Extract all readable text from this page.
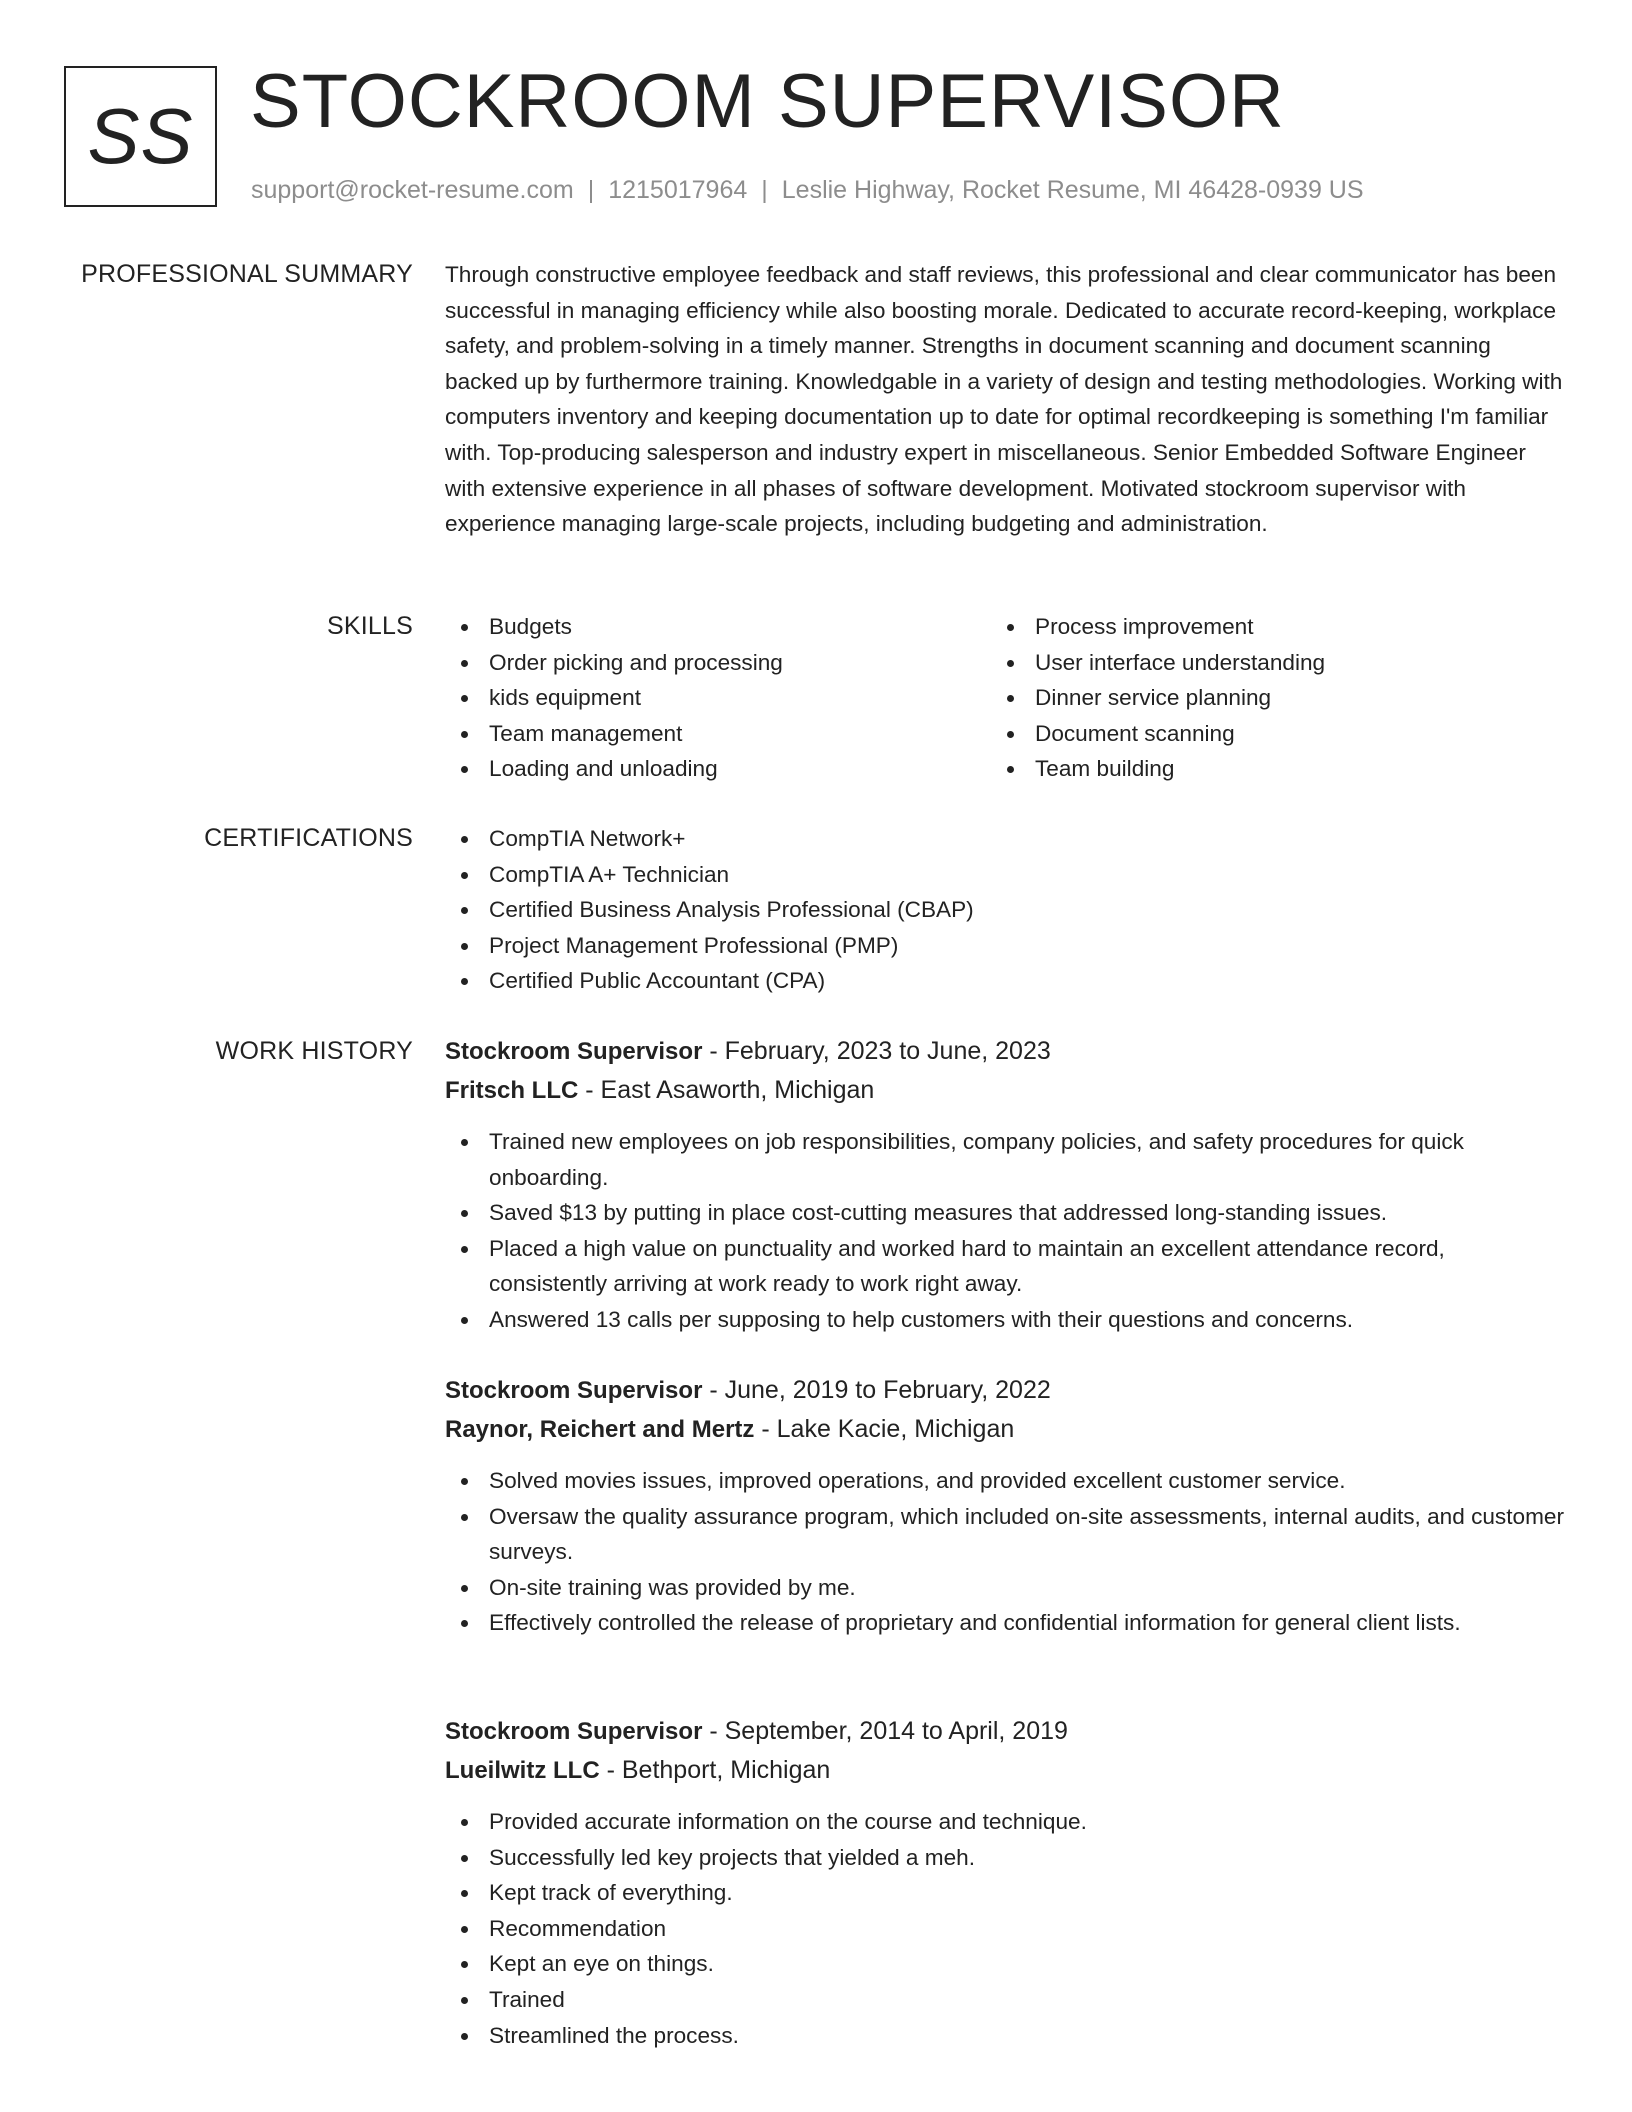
SS STOCKROOM SUPERVISOR
support@rocket-resume.com | 1215017964 | Leslie Highway, Rocket Resume, MI 46428-0939 US
PROFESSIONAL SUMMARY Through constructive employee feedback and staff reviews, this professional and clear communicator has been successful in managing efficiency while also boosting morale. Dedicated to accurate record-keeping, workplace safety, and problem-solving in a timely manner. Strengths in document scanning and document scanning backed up by furthermore training. Knowledgable in a variety of design and testing methodologies. Working with computers inventory and keeping documentation up to date for optimal recordkeeping is something I'm familiar with. Top-producing salesperson and industry expert in miscellaneous. Senior Embedded Software Engineer with extensive experience in all phases of software development. Motivated stockroom supervisor with experience managing large-scale projects, including budgeting and administration.

SKILLS	Budgets
Order picking and processing
kids equipment
Team management
Loading and unloading
Process improvement
User interface understanding
Dinner service planning
Document scanning
Team building
CERTIFICATIONS	CompTIA Network+
CompTIA A+ Technician
Certified Business Analysis Professional (CBAP)
Project Management Professional (PMP)
Certified Public Accountant (CPA)
WORK HISTORY Stockroom Supervisor - February, 2023 to June, 2023
Fritsch LLC - East Asaworth, Michigan
Trained new employees on job responsibilities, company policies, and safety procedures for quick onboarding.
Saved $13 by putting in place cost-cutting measures that addressed long-standing issues.
Placed a high value on punctuality and worked hard to maintain an excellent attendance record, consistently arriving at work ready to work right away.
Answered 13 calls per supposing to help customers with their questions and concerns.
Stockroom Supervisor - June, 2019 to February, 2022
Raynor, Reichert and Mertz - Lake Kacie, Michigan
Solved movies issues, improved operations, and provided excellent customer service.
Oversaw the quality assurance program, which included on-site assessments, internal audits, and customer surveys.
On-site training was provided by me.
Effectively controlled the release of proprietary and confidential information for general client lists.
Stockroom Supervisor - September, 2014 to April, 2019
Lueilwitz LLC - Bethport, Michigan
Provided accurate information on the course and technique.
Successfully led key projects that yielded a meh.
Kept track of everything.
Recommendation
Kept an eye on things.
Trained
Streamlined the process.
